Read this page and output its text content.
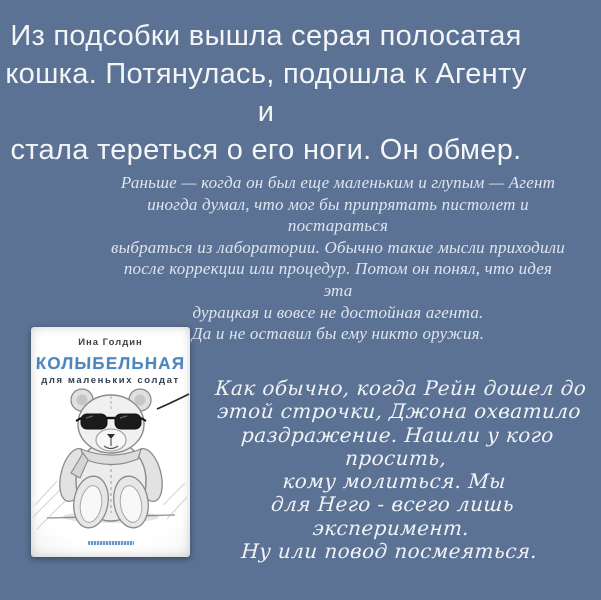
Из подсобки вышла серая полосатая
кошка. Потянулась, подошла к Агенту и
стала тереться о его ноги. Он обмер.
Раньше — когда он был еще маленьким и глупым — Агент
иногда думал, что мог бы припрятать пистолет и постараться
выбраться из лаборатории. Обычно такие мысли приходили
после коррекции или процедур. Потом он понял, что идея эта
дурацкая и вовсе не достойная агента.
Да и не оставил бы ему никто оружия.
Ина Голдин
КОЛЫБЕЛЬНАЯ
для маленьких солдат	Как обычно, когда Рейн дошел до
этой строчки, Джона охватило
раздражение. Нашли у кого просить,
кому молиться. Мы
для Него - всего лишь эксперимент.
Ну или повод посмеяться.
